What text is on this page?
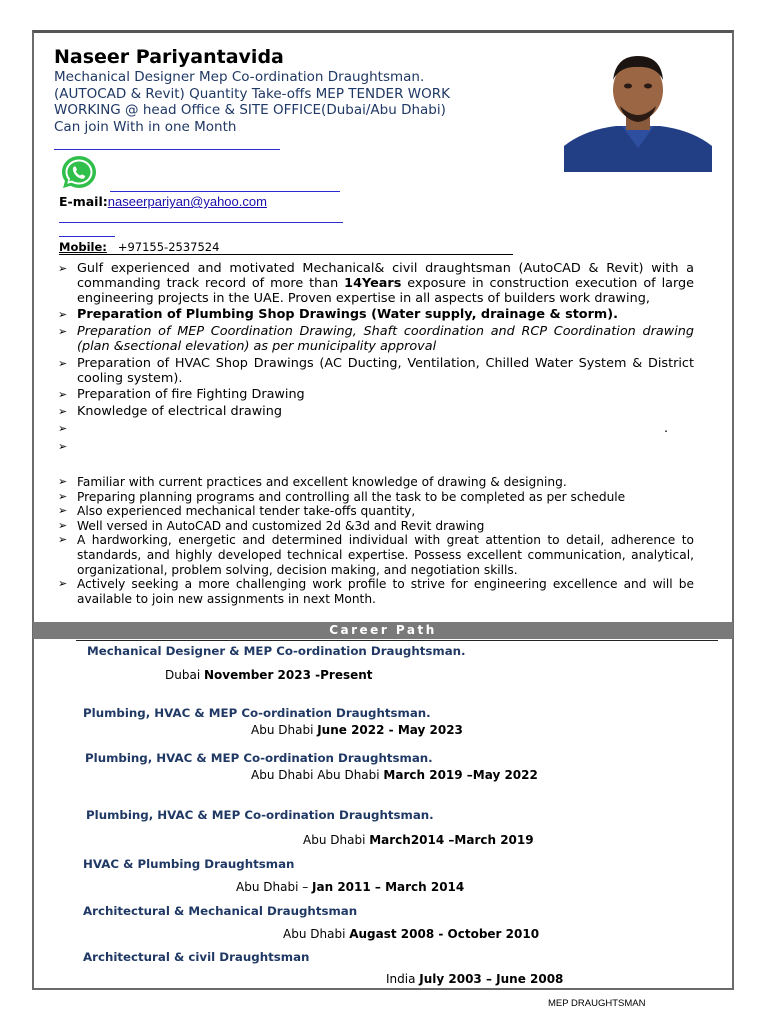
Naseer Pariyantavida
Mechanical Designer Mep Co-ordination Draughtsman.
(AUTOCAD & Revit) Quantity Take-offs MEP TENDER WORK
WORKING @ head Office & SITE OFFICE(Dubai/Abu Dhabi)
Can join With in one Month
E-mail:naseerpariyan@yahoo.com
Mobile: +97155-2537524
➢ Gulf experienced and motivated Mechanical& civil draughtsman (AutoCAD & Revit) with a commanding track record of more than 14Years exposure in construction execution of large engineering projects in the UAE. Proven expertise in all aspects of builders work drawing,
➢ Preparation of Plumbing Shop Drawings (Water supply, drainage & storm).
➢ Preparation of MEP Coordination Drawing, Shaft coordination and RCP Coordination drawing (plan &sectional elevation) as per municipality approval
➢ Preparation of HVAC Shop Drawings (AC Ducting, Ventilation, Chilled Water System & District cooling system).
➢ Preparation of fire Fighting Drawing
➢ Knowledge of electrical drawing
➢	.
➢
➢ Familiar with current practices and excellent knowledge of drawing & designing.
➢ Preparing planning programs and controlling all the task to be completed as per schedule
➢ Also experienced mechanical tender take-offs quantity,
➢ Well versed in AutoCAD and customized 2d &3d and Revit drawing
➢ A hardworking, energetic and determined individual with great attention to detail, adherence to standards, and highly developed technical expertise. Possess excellent communication, analytical, organizational, problem solving, decision making, and negotiation skills.
➢ Actively seeking a more challenging work profile to strive for engineering excellence and will be available to join new assignments in next Month.
Career Path
Mechanical Designer & MEP Co-ordination Draughtsman.
Dubai November 2023 -Present
Plumbing, HVAC & MEP Co-ordination Draughtsman.
Abu Dhabi June 2022 - May 2023
Plumbing, HVAC & MEP Co-ordination Draughtsman.
Abu Dhabi Abu Dhabi March 2019 –May 2022
Plumbing, HVAC & MEP Co-ordination Draughtsman.
Abu Dhabi March2014 –March 2019
HVAC & Plumbing Draughtsman
Abu Dhabi – Jan 2011 – March 2014
Architectural & Mechanical Draughtsman
Abu Dhabi Augast 2008 - October 2010
Architectural & civil Draughtsman
India July 2003 – June 2008
MEP DRAUGHTSMAN
